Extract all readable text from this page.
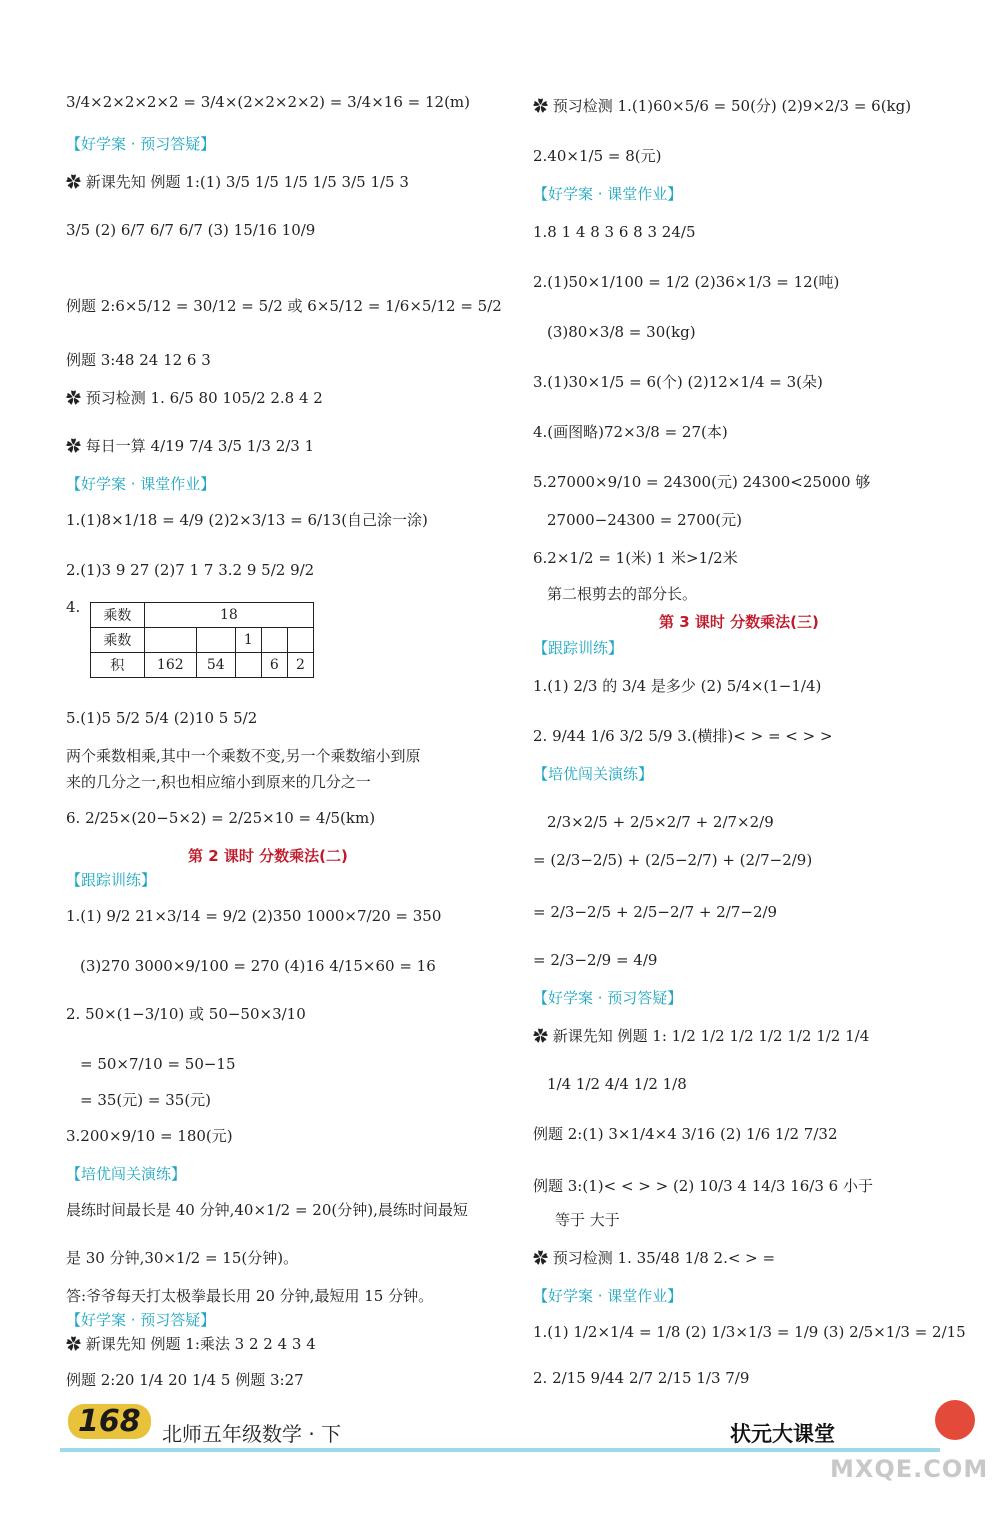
3/4×2×2×2×2 = 3/4×(2×2×2×2) = 3/4×16 = 12(m)
【好学案 · 预习答疑】
✿ 新课先知 例题 1:(1) 3/5 1/5 1/5 1/5 3/5 1/5 3
3/5 (2) 6/7 6/7 6/7 (3) 15/16 10/9
例题 2:6×5/12 = 30/12 = 5/2 或 6×5/12 = 1/6×5/12 = 5/2
例题 3:48 24 12 6 3
✿ 预习检测 1. 6/5 80 105/2 2.8 4 2
✿ 每日一算 4/19 7/4 3/5 1/3 2/3 1
【好学案 · 课堂作业】
1.(1)8×1/18 = 4/9 (2)2×3/13 = 6/13(自己涂一涂)
2.(1)3 9 27 (2)7 1 7 3.2 9 5/2 9/2
5.(1)5 5/2 5/4 (2)10 5 5/2
两个乘数相乘,其中一个乘数不变,另一个乘数缩小到原
来的几分之一,积也相应缩小到原来的几分之一
6. 2/25×(20−5×2) = 2/25×10 = 4/5(km)
第 2 课时 分数乘法(二)
【跟踪训练】
1.(1) 9/2 21×3/14 = 9/2 (2)350 1000×7/20 = 350
(3)270 3000×9/100 = 270 (4)16 4/15×60 = 16
2. 50×(1−3/10) 或 50−50×3/10
= 50×7/10 = 50−15
= 35(元) = 35(元)
3.200×9/10 = 180(元)
【培优闯关演练】
晨练时间最长是 40 分钟,40×1/2 = 20(分钟),晨练时间最短
是 30 分钟,30×1/2 = 15(分钟)。
答:爷爷每天打太极拳最长用 20 分钟,最短用 15 分钟。
【好学案 · 预习答疑】
✿ 新课先知 例题 1:乘法 3 2 2 4 3 4
例题 2:20 1/4 20 1/4 5 例题 3:27
4. 乘数	18				
乘数			1		
积	162	54		6	2
✿ 预习检测 1.(1)60×5/6 = 50(分) (2)9×2/3 = 6(kg)
2.40×1/5 = 8(元)
【好学案 · 课堂作业】
1.8 1 4 8 3 6 8 3 24/5
2.(1)50×1/100 = 1/2 (2)36×1/3 = 12(吨)
(3)80×3/8 = 30(kg)
3.(1)30×1/5 = 6(个) (2)12×1/4 = 3(朵)
4.(画图略)72×3/8 = 27(本)
5.27000×9/10 = 24300(元) 24300<25000 够
27000−24300 = 2700(元)
6.2×1/2 = 1(米) 1 米>1/2米
第二根剪去的部分长。
第 3 课时 分数乘法(三)
【跟踪训练】
1.(1) 2/3 的 3/4 是多少 (2) 5/4×(1−1/4)
2. 9/44 1/6 3/2 5/9 3.(横排)< > = < > >
【培优闯关演练】
2/3×2/5 + 2/5×2/7 + 2/7×2/9
= (2/3−2/5) + (2/5−2/7) + (2/7−2/9)
= 2/3−2/5 + 2/5−2/7 + 2/7−2/9
= 2/3−2/9 = 4/9
【好学案 · 预习答疑】
✿ 新课先知 例题 1: 1/2 1/2 1/2 1/2 1/2 1/2 1/4
1/4 1/2 4/4 1/2 1/8
例题 2:(1) 3×1/4×4 3/16 (2) 1/6 1/2 7/32
例题 3:(1)< < > > (2) 10/3 4 14/3 16/3 6 小于
等于 大于
✿ 预习检测 1. 35/48 1/8 2.< > =
【好学案 · 课堂作业】
1.(1) 1/2×1/4 = 1/8 (2) 1/3×1/3 = 1/9 (3) 2/5×1/3 = 2/15
2. 2/15 9/44 2/7 2/15 1/3 7/9
168	北师五年级数学 · 下	状元大课堂
MXQE.COM
